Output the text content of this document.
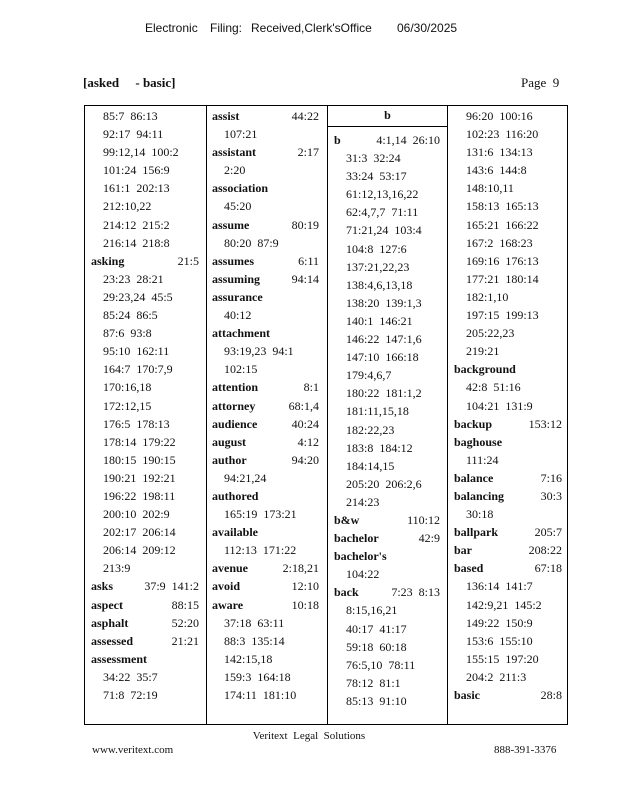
Electronic Filing: Received,Clerk'sOffice 06/30/2025
[asked     - basic]	Page  9
85:7  86:13
92:17  94:11
99:12,14  100:2
101:24  156:9
161:1  202:13
212:10,22
214:12  215:2
216:14  218:8
asking	21:5
23:23  28:21
29:23,24  45:5
85:24  86:5
87:6  93:8
95:10  162:11
164:7  170:7,9
170:16,18
172:12,15
176:5  178:13
178:14  179:22
180:15  190:15
190:21  192:21
196:22  198:11
200:10  202:9
202:17  206:14
206:14  209:12
213:9
asks	37:9  141:2
aspect	88:15
asphalt	52:20
assessed	21:21
assessment
34:22  35:7
71:8  72:19
assist	44:22
107:21
assistant	2:17
2:20
association
45:20
assume	80:19
80:20  87:9
assumes	6:11
assuming	94:14
assurance
40:12
attachment
93:19,23  94:1
102:15
attention	8:1
attorney	68:1,4
audience	40:24
august	4:12
author	94:20
94:21,24
authored
165:19  173:21
available
112:13  171:22
avenue	2:18,21
avoid	12:10
aware	10:18
37:18  63:11
88:3  135:14
142:15,18
159:3  164:18
174:11  181:10
b
b	4:1,14  26:10
31:3  32:24
33:24  53:17
61:12,13,16,22
62:4,7,7  71:11
71:21,24  103:4
104:8  127:6
137:21,22,23
138:4,6,13,18
138:20  139:1,3
140:1  146:21
146:22  147:1,6
147:10  166:18
179:4,6,7
180:22  181:1,2
181:11,15,18
182:22,23
183:8  184:12
184:14,15
205:20  206:2,6
214:23
b&w	110:12
bachelor	42:9
bachelor's
104:22
back	7:23  8:13
8:15,16,21
40:17  41:17
59:18  60:18
76:5,10  78:11
78:12  81:1
85:13  91:10
96:20  100:16
102:23  116:20
131:6  134:13
143:6  144:8
148:10,11
158:13  165:13
165:21  166:22
167:2  168:23
169:16  176:13
177:21  180:14
182:1,10
197:15  199:13
205:22,23
219:21
background
42:8  51:16
104:21  131:9
backup	153:12
baghouse
111:24
balance	7:16
balancing	30:3
30:18
ballpark	205:7
bar	208:22
based	67:18
136:14  141:7
142:9,21  145:2
149:22  150:9
153:6  155:10
155:15  197:20
204:2  211:3
basic	28:8
Veritext  Legal  Solutions
www.veritext.com	888-391-3376
